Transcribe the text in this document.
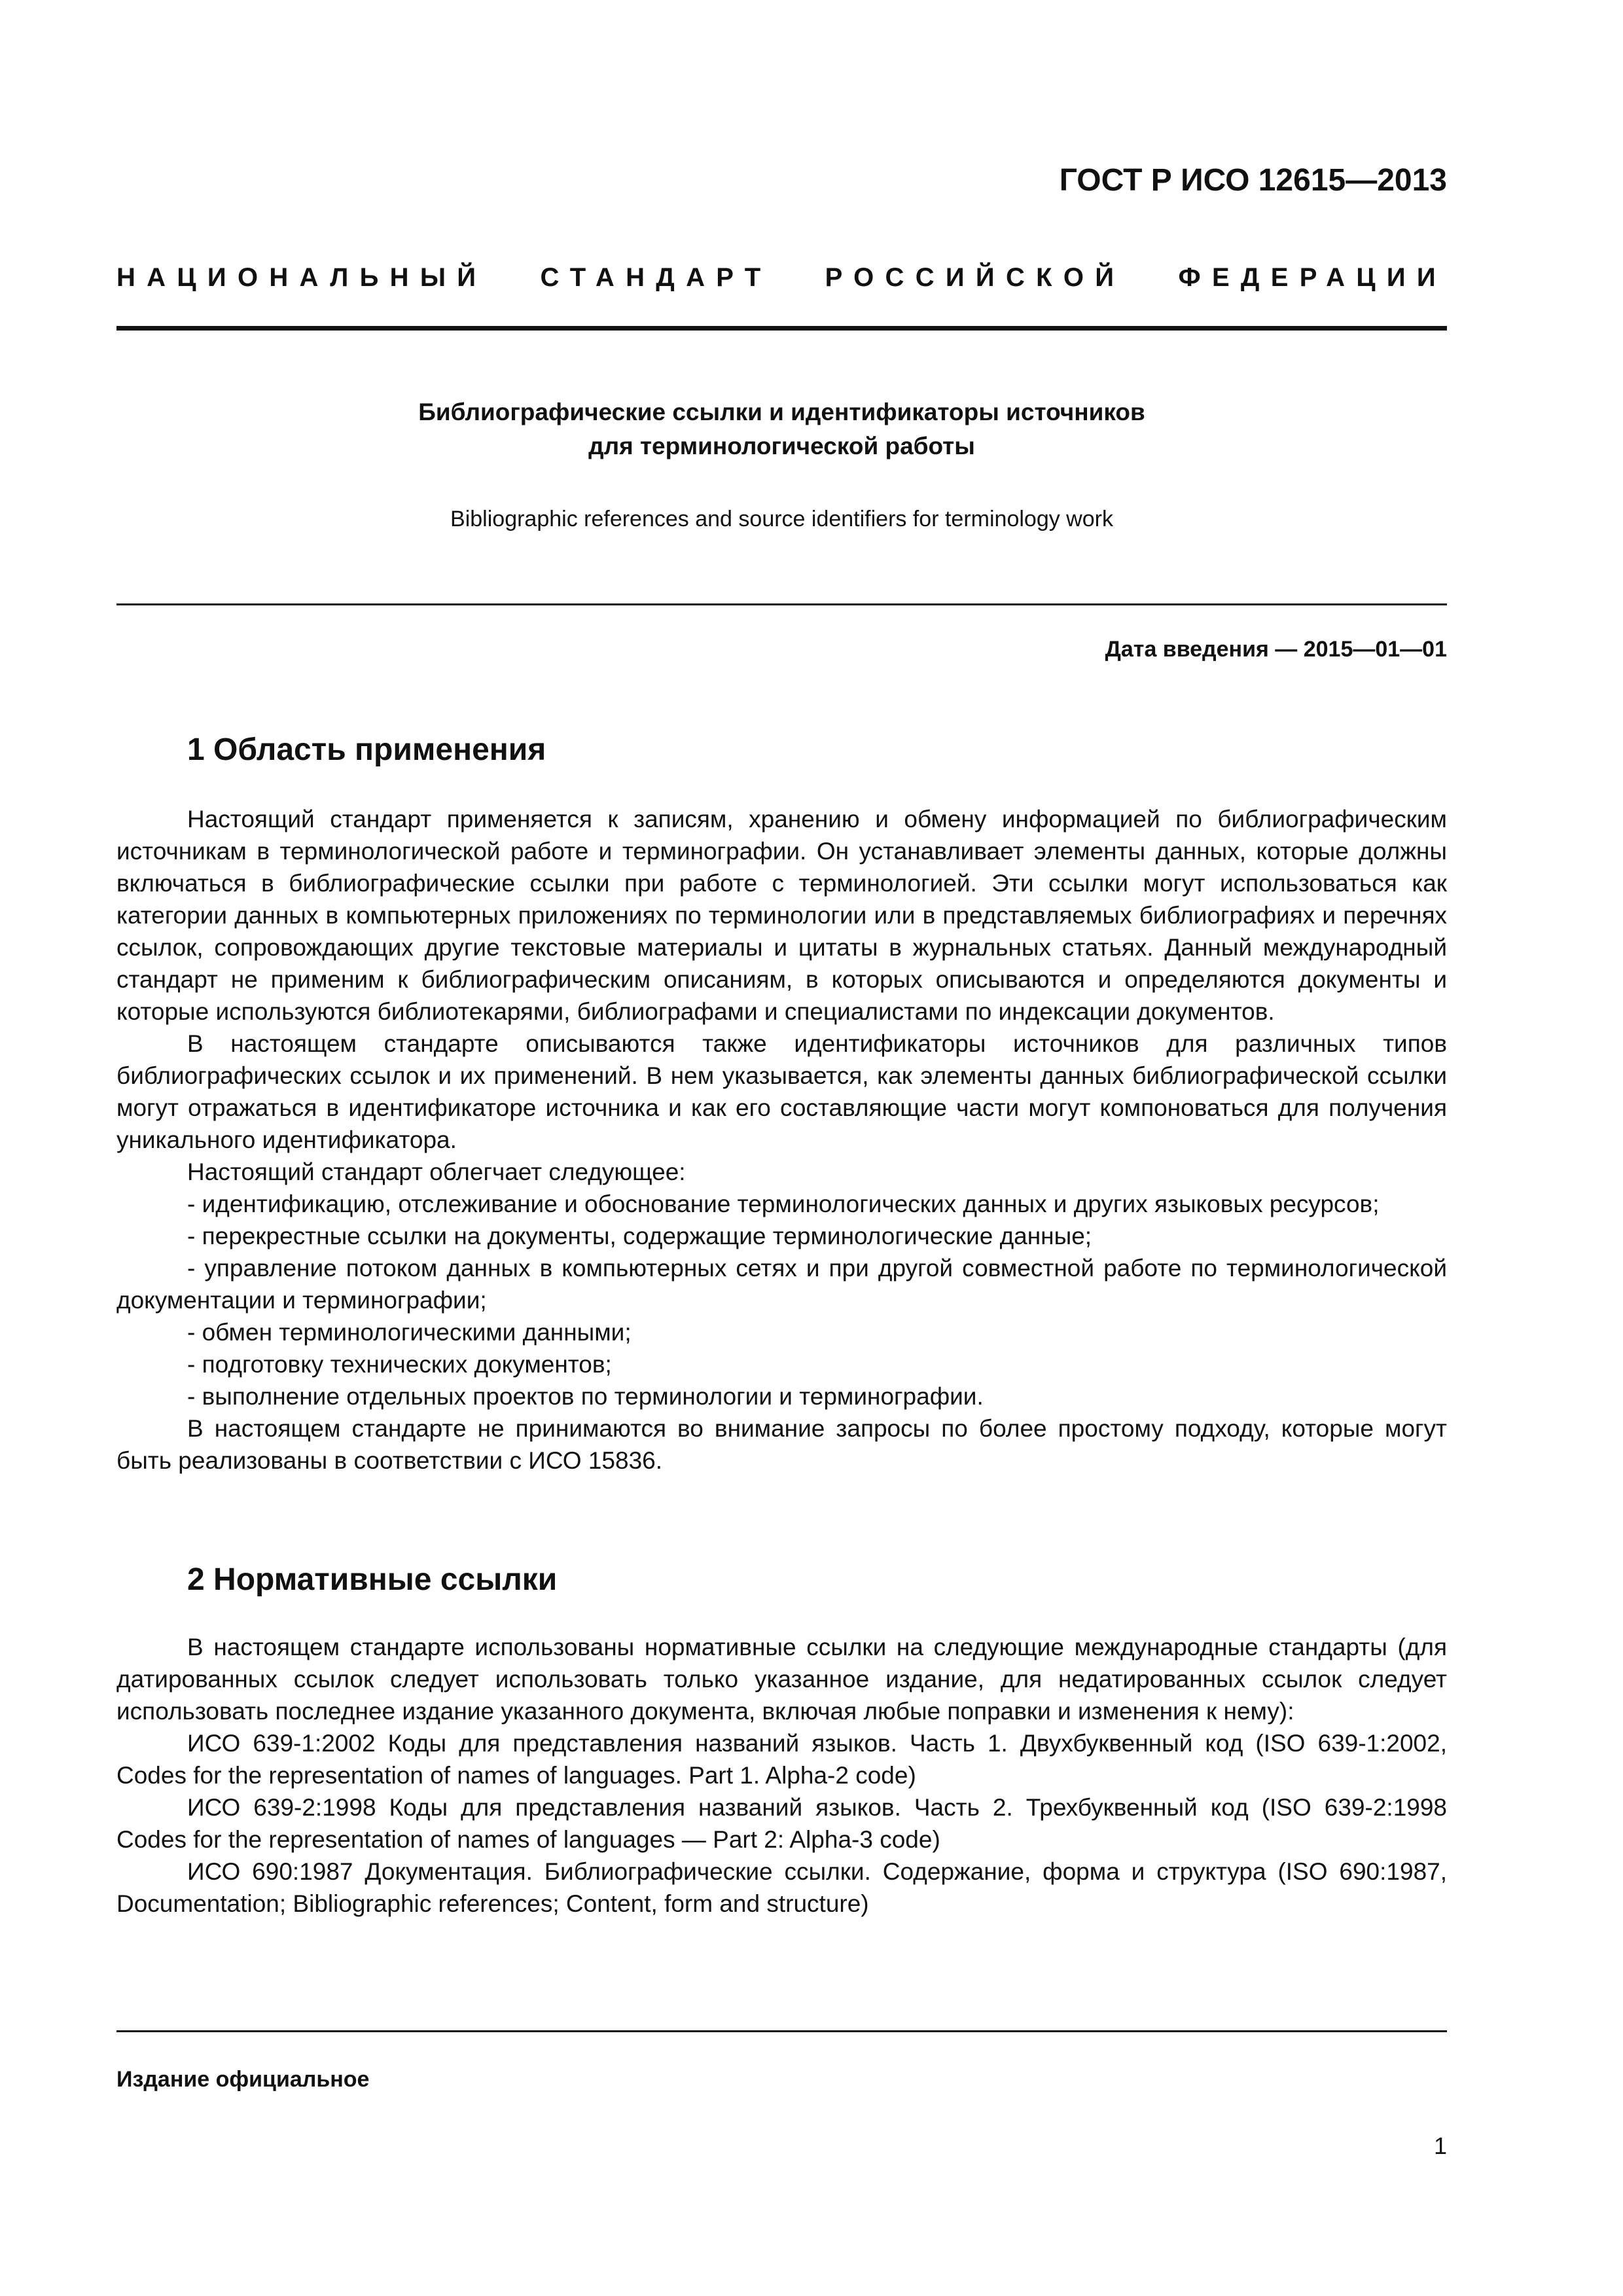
ГОСТ Р ИСО 12615—2013
НАЦИОНАЛЬНЫЙ СТАНДАРТ РОССИЙСКОЙ ФЕДЕРАЦИИ
Библиографические ссылки и идентификаторы источников
для терминологической работы
Bibliographic references and source identifiers for terminology work
Дата введения — 2015—01—01
1 Область применения

Настоящий стандарт применяется к записям, хранению и обмену информацией по библиографическим источникам в терминологической работе и терминографии. Он устанавливает элементы данных, которые должны включаться в библиографические ссылки при работе с терминологией. Эти ссылки могут использоваться как категории данных в компьютерных приложениях по терминологии или в представляемых библиографиях и перечнях ссылок, сопровождающих другие текстовые материалы и цитаты в журнальных статьях. Данный международный стандарт не применим к библиографическим описаниям, в которых описываются и определяются документы и которые используются библиотекарями, библиографами и специалистами по индексации документов.

В настоящем стандарте описываются также идентификаторы источников для различных типов библиографических ссылок и их применений. В нем указывается, как элементы данных библиографической ссылки могут отражаться в идентификаторе источника и как его составляющие части могут компоноваться для получения уникального идентификатора.

Настоящий стандарт облегчает следующее:

- идентификацию, отслеживание и обоснование терминологических данных и других языковых ресурсов;

- перекрестные ссылки на документы, содержащие терминологические данные;

- управление потоком данных в компьютерных сетях и при другой совместной работе по терминологической документации и терминографии;

- обмен терминологическими данными;

- подготовку технических документов;

- выполнение отдельных проектов по терминологии и терминографии.

В настоящем стандарте не принимаются во внимание запросы по более простому подходу, которые могут быть реализованы в соответствии с ИСО 15836.

2 Нормативные ссылки

В настоящем стандарте использованы нормативные ссылки на следующие международные стандарты (для датированных ссылок следует использовать только указанное издание, для недатированных ссылок следует использовать последнее издание указанного документа, включая любые поправки и изменения к нему):

ИСО 639-1:2002 Коды для представления названий языков. Часть 1. Двухбуквенный код (ISO 639-1:2002, Codes for the representation of names of languages. Part 1. Alpha-2 code)

ИСО 639-2:1998 Коды для представления названий языков. Часть 2. Трехбуквенный код (ISO 639-2:1998 Codes for the representation of names of languages — Part 2: Alpha-3 code)

ИСО 690:1987 Документация. Библиографические ссылки. Содержание, форма и структура (ISO 690:1987, Documentation; Bibliographic references; Content, form and structure)

Издание официальное
1
